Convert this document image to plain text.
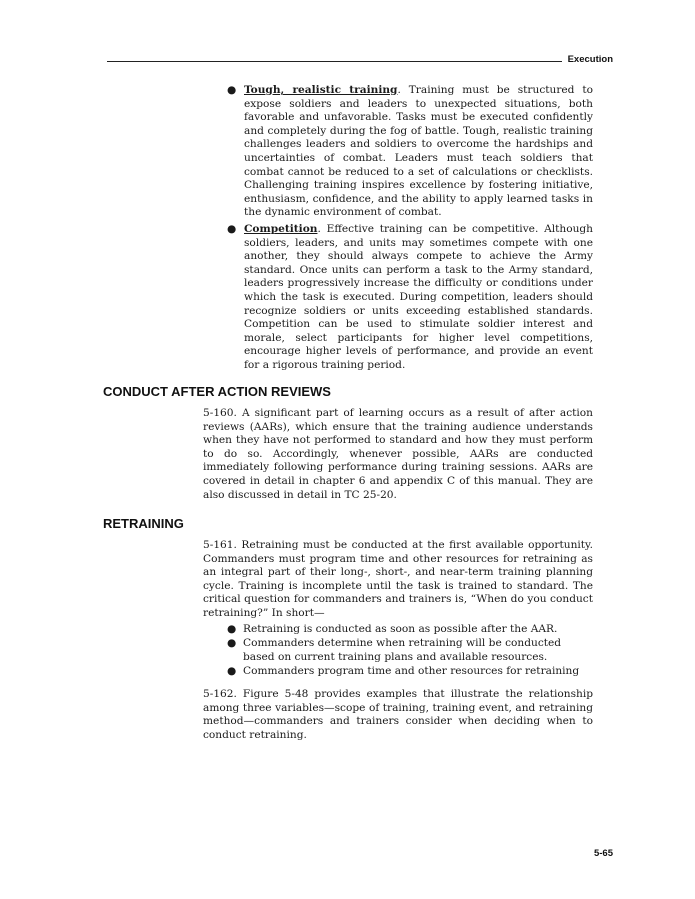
Execution
● Tough, realistic training. Training must be structured to expose soldiers and leaders to unexpected situations, both favorable and unfavorable. Tasks must be executed confidently and completely during the fog of battle. Tough, realistic training challenges leaders and soldiers to overcome the hardships and uncertainties of combat. Leaders must teach soldiers that combat cannot be reduced to a set of calculations or checklists. Challenging training inspires excellence by fostering initiative, enthusiasm, confidence, and the ability to apply learned tasks in the dynamic environment of combat.
● Competition. Effective training can be competitive. Although soldiers, leaders, and units may sometimes compete with one another, they should always compete to achieve the Army standard. Once units can perform a task to the Army standard, leaders progressively increase the difficulty or conditions under which the task is executed. During competition, leaders should recognize soldiers or units exceeding established standards. Competition can be used to stimulate soldier interest and morale, select participants for higher level competitions, encourage higher levels of performance, and provide an event for a rigorous training period.
CONDUCT AFTER ACTION REVIEWS

5-160. A significant part of learning occurs as a result of after action reviews (AARs), which ensure that the training audience understands when they have not performed to standard and how they must perform to do so. Accordingly, whenever possible, AARs are conducted immediately following performance during training sessions. AARs are covered in detail in chapter 6 and appendix C of this manual. They are also discussed in detail in TC 25-20.

RETRAINING

5-161. Retraining must be conducted at the first available opportunity. Commanders must program time and other resources for retraining as an integral part of their long-, short-, and near-term training planning cycle. Training is incomplete until the task is trained to standard. The critical question for commanders and trainers is, “When do you conduct retraining?” In short—

● Retraining is conducted as soon as possible after the AAR.
● Commanders determine when retraining will be conducted based on current training plans and available resources.
● Commanders program time and other resources for retraining

5-162. Figure 5-48 provides examples that illustrate the relationship among three variables—scope of training, training event, and retraining method—commanders and trainers consider when deciding when to conduct retraining.

5-65
